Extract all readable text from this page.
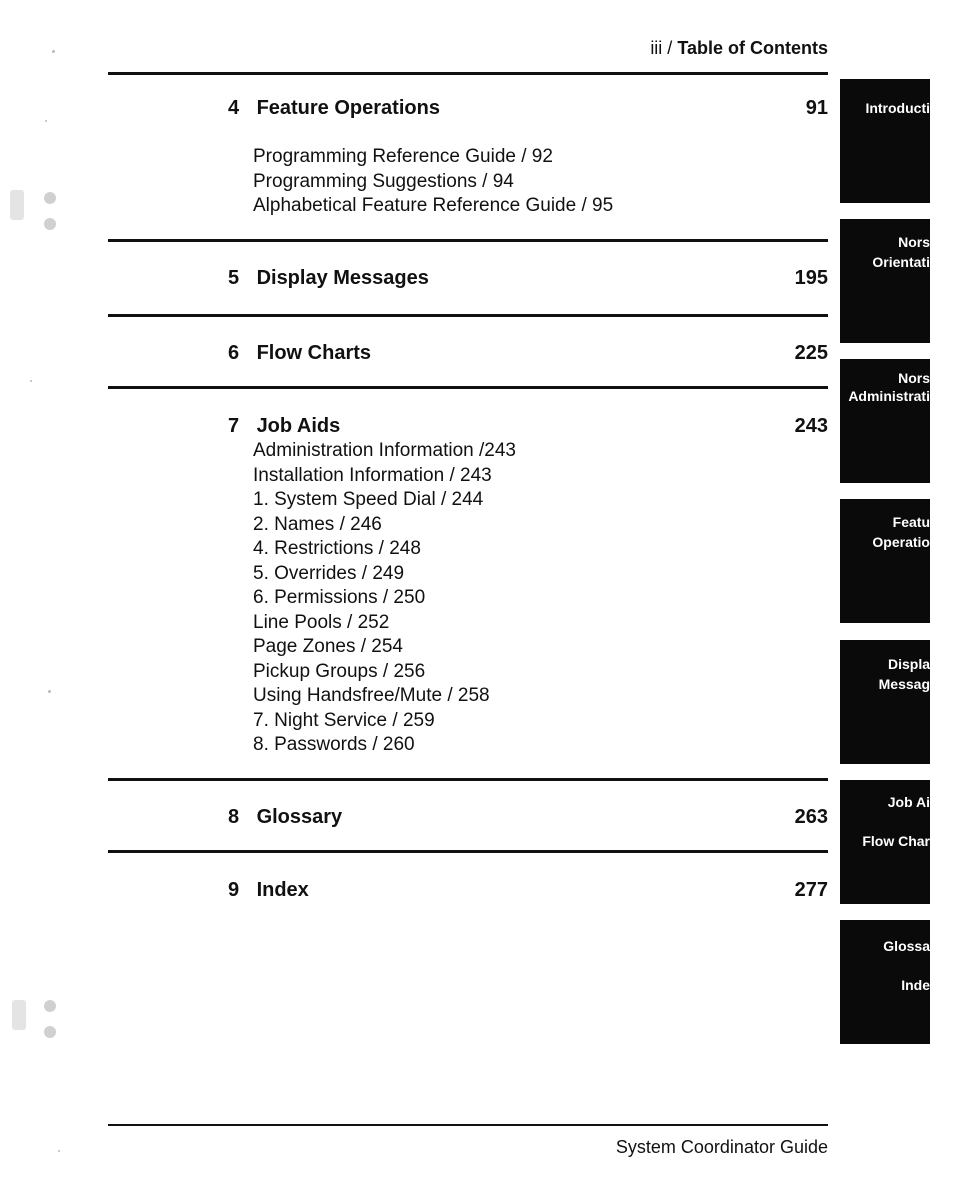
iii / Table of Contents
4 Feature Operations	91
Programming Reference Guide / 92
Programming Suggestions / 94
Alphabetical Feature Reference Guide / 95
5 Display Messages	195
6 Flow Charts	225
7 Job Aids	243
Administration Information /243
Installation Information / 243
1. System Speed Dial / 244
2. Names / 246
4. Restrictions / 248
5. Overrides / 249
6. Permissions / 250
Line Pools / 252
Page Zones / 254
Pickup Groups / 256
Using Handsfree/Mute / 258
7. Night Service / 259
8. Passwords / 260
8 Glossary	263
9 Index	277
Introducti
Nors
Orientati
Nors
Administrati
Featu
Operatio
Displa
Messag
Job Ai
Flow Char
Glossa
Inde
System Coordinator Guide
